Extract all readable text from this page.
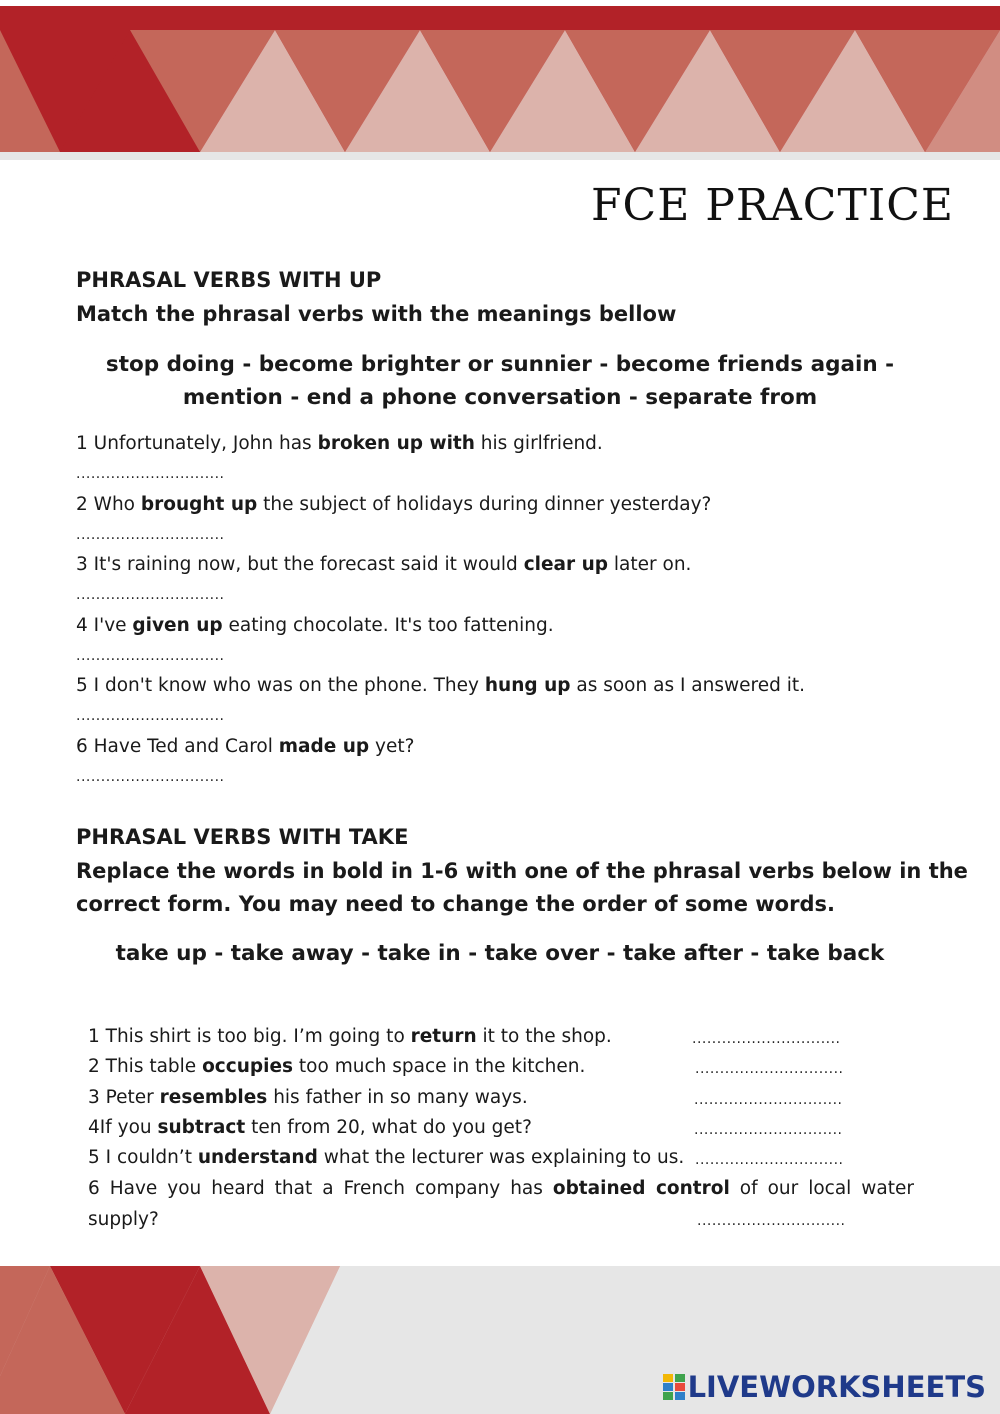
FCE PRACTICE
PHRASAL VERBS WITH UP
Match the phrasal verbs with the meanings bellow
stop doing - become brighter or sunnier - become friends again -
mention - end a phone conversation - separate from
1 Unfortunately, John has broken up with his girlfriend.
..............................
2 Who brought up the subject of holidays during dinner yesterday?
..............................
3 It's raining now, but the forecast said it would clear up later on.
..............................
4 I've given up eating chocolate. It's too fattening.
..............................
5 I don't know who was on the phone. They hung up as soon as I answered it.
..............................
6 Have Ted and Carol made up yet?
..............................
PHRASAL VERBS WITH TAKE
Replace the words in bold in 1-6 with one of the phrasal verbs below in the
correct form. You may need to change the order of some words.
take up - take away - take in - take over - take after - take back
1 This shirt is too big. I’m going to return it to the shop.	..............................
2 This table occupies too much space in the kitchen.	..............................
3 Peter resembles his father in so many ways.	..............................
4If you subtract ten from 20, what do you get?	..............................
5 I couldn’t understand what the lecturer was explaining to us. ..............................
6 Have you heard that a French company has obtained control of our local water
supply?	..............................
LIVEWORKSHEETS
